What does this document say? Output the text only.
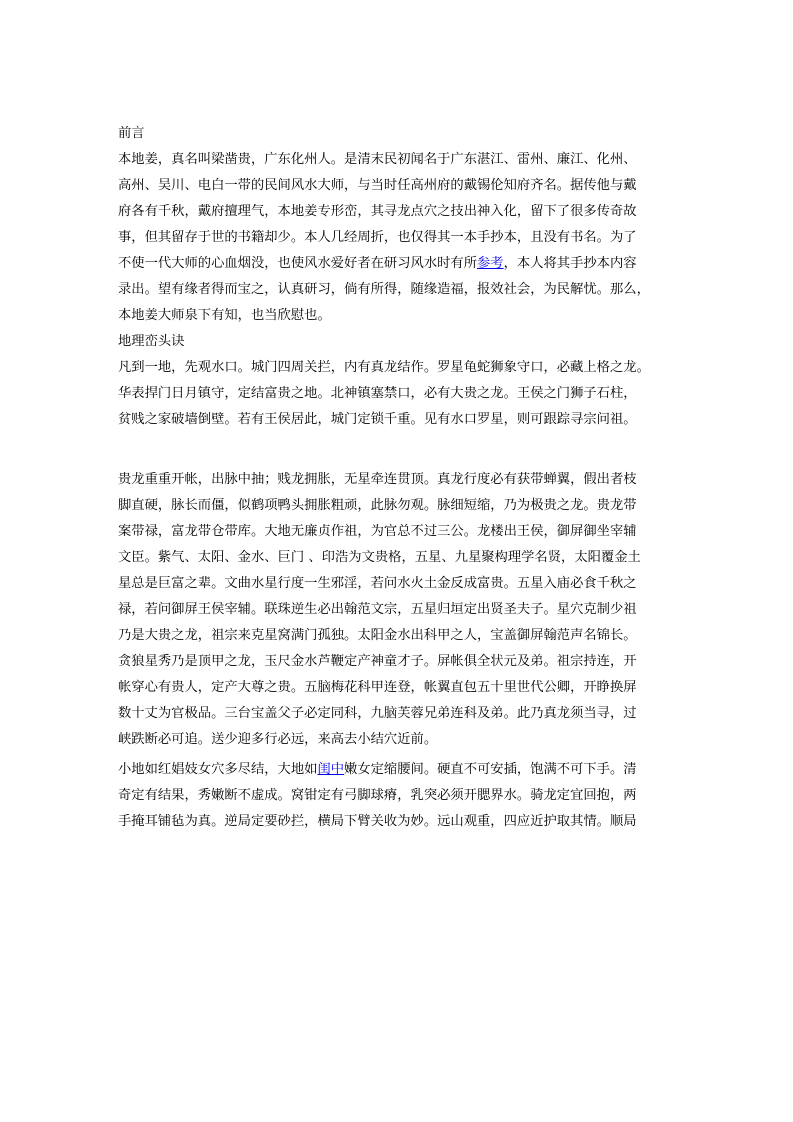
前言
本地姜，真名叫梁凿贵，广东化州人。是清末民初闻名于广东湛江、雷州、廉江、化州、
高州、吴川、电白一带的民间风水大师，与当时任高州府的戴锡伦知府齐名。据传他与戴
府各有千秋，戴府擅理气，本地姜专形峦，其寻龙点穴之技出神入化，留下了很多传奇故
事，但其留存于世的书籍却少。本人几经周折，也仅得其一本手抄本，且没有书名。为了
不使一代大师的心血烟没，也使风水爱好者在研习风水时有所参考，本人将其手抄本内容
录出。望有缘者得而宝之，认真研习，倘有所得，随缘造福，报效社会，为民解忧。那么，
本地姜大师泉下有知，也当欣慰也。
地理峦头诀
凡到一地，先观水口。城门四周关拦，内有真龙结作。罗星龟蛇狮象守口，必藏上格之龙。
华表捍门日月镇守，定结富贵之地。北神镇塞禁口，必有大贵之龙。王侯之门狮子石柱，
贫贱之家破墙倒壁。若有王侯居此，城门定锁千重。见有水口罗星，则可跟踪寻宗问祖。
贵龙重重开帐，出脉中抽；贱龙拥胀，无星牵连贯顶。真龙行度必有获带蝉翼，假出者枝
脚直硬，脉长而僵，似鹤项鸭头拥胀粗顽，此脉勿观。脉细短缩，乃为极贵之龙。贵龙带
案带禄，富龙带仓带库。大地无廉贞作祖，为官总不过三公。龙楼出王侯，御屏御坐宰辅
文臣。紫气、太阳、金水、巨门 、印浩为文贵格，五星、九星聚构理学名贤，太阳覆金土
星总是巨富之辈。文曲水星行度一生邪淫，若问水火土金反成富贵。五星入庙必食千秋之
禄，若问御屏王侯宰辅。联珠逆生必出翰范文宗，五星归垣定出贤圣夫子。星穴克制少祖
乃是大贵之龙，祖宗来克星窝满门孤独。太阳金水出科甲之人，宝盖御屏翰范声名锦长。
贪狼星秀乃是顶甲之龙，玉尺金水芦鞭定产神童才子。屏帐俱全状元及弟。祖宗持连，开
帐穿心有贵人，定产大尊之贵。五脑梅花科甲连登，帐翼直包五十里世代公卿，开睁换屏
数十丈为官极品。三台宝盖父子必定同科，九脑芙蓉兄弟连科及弟。此乃真龙须当寻，过
峡跌断必可追。送少迎多行必远，来高去小结穴近前。
小地如红娼妓女穴多尽结，大地如闺中嫩女定缩腰间。硬直不可安插，饱满不可下手。清
奇定有结果，秀嫩断不虚成。窝钳定有弓脚球瘠，乳突必须开腮界水。骑龙定宜回抱，两
手掩耳铺毡为真。逆局定要砂拦，横局下臂关收为妙。远山观重，四应近护取其情。顺局
